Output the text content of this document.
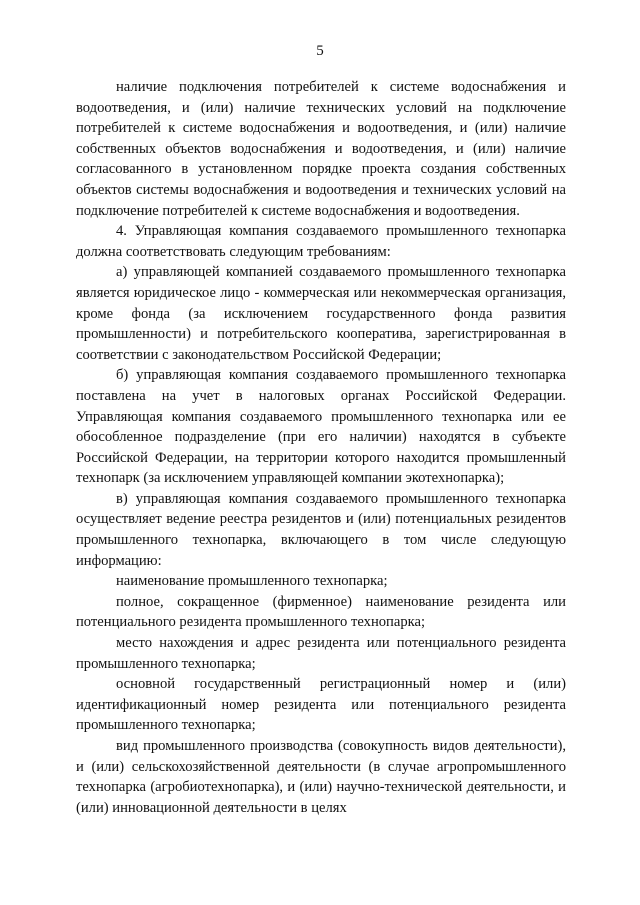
5

наличие подключения потребителей к системе водоснабжения и водоотведения, и (или) наличие технических условий на подключение потребителей к системе водоснабжения и водоотведения, и (или) наличие собственных объектов водоснабжения и водоотведения, и (или) наличие согласованного в установленном порядке проекта создания собственных объектов системы водоснабжения и водоотведения и технических условий на подключение потребителей к системе водоснабжения и водоотведения.

4. Управляющая компания создаваемого промышленного технопарка должна соответствовать следующим требованиям:

а) управляющей компанией создаваемого промышленного технопарка является юридическое лицо - коммерческая или некоммерческая организация, кроме фонда (за исключением государственного фонда развития промышленности) и потребительского кооператива, зарегистрированная в соответствии с законодательством Российской Федерации;

б) управляющая компания создаваемого промышленного технопарка поставлена на учет в налоговых органах Российской Федерации. Управляющая компания создаваемого промышленного технопарка или ее обособленное подразделение (при его наличии) находятся в субъекте Российской Федерации, на территории которого находится промышленный технопарк (за исключением управляющей компании экотехнопарка);

в) управляющая компания создаваемого промышленного технопарка осуществляет ведение реестра резидентов и (или) потенциальных резидентов промышленного технопарка, включающего в том числе следующую информацию:

наименование промышленного технопарка;

полное, сокращенное (фирменное) наименование резидента или потенциального резидента промышленного технопарка;

место нахождения и адрес резидента или потенциального резидента промышленного технопарка;

основной государственный регистрационный номер и (или) идентификационный номер резидента или потенциального резидента промышленного технопарка;

вид промышленного производства (совокупность видов деятельности), и (или) сельскохозяйственной деятельности (в случае агропромышленного технопарка (агробиотехнопарка), и (или) научно-технической деятельности, и (или) инновационной деятельности в целях
